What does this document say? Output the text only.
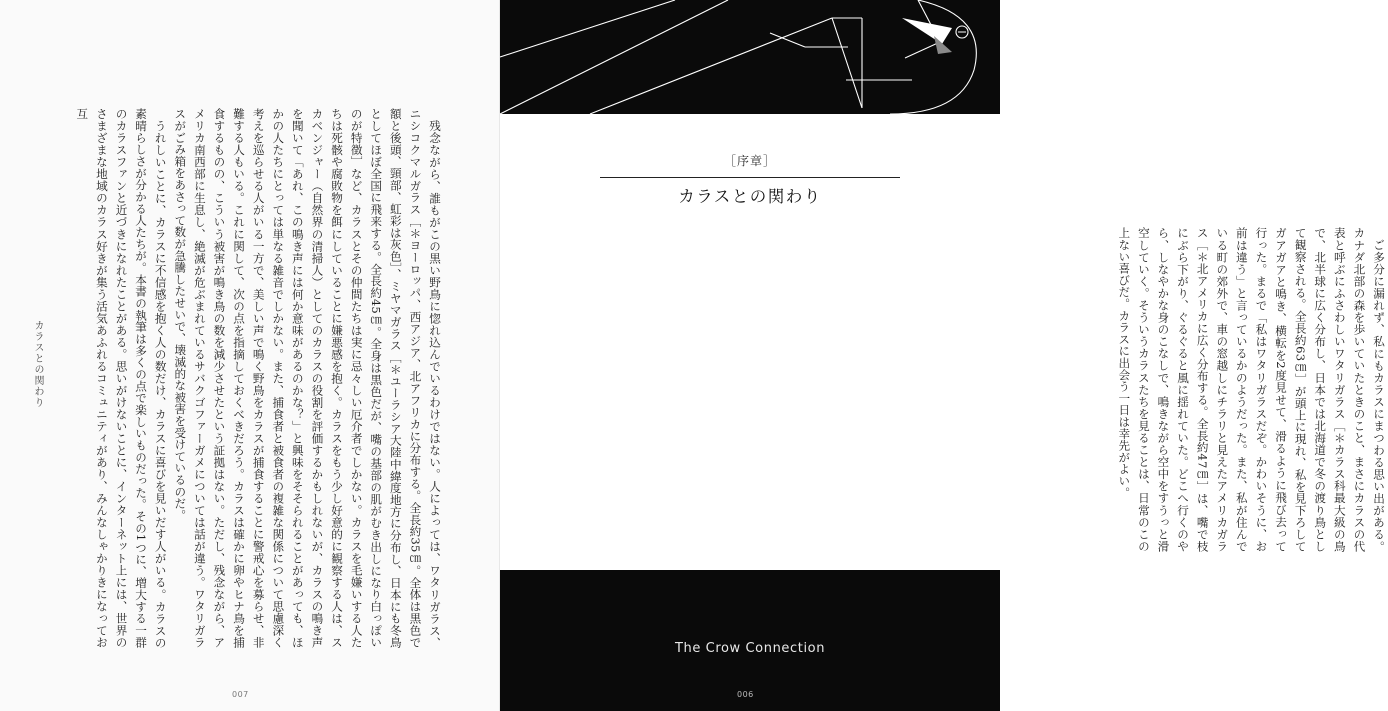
残念ながら、誰もがこの黒い野鳥に惚れ込んでいるわけではない。人によっては、ワタリガラス、ニシコクマルガラス［＊ヨーロッパ、西アジア、北アフリカに分布する。全長約35㎝。全体は黒色で額と後頭、頸部、虹彩は灰色］、ミヤマガラス［＊ユーラシア大陸中緯度地方に分布し、日本にも冬鳥としてほぼ全国に飛来する。全長約45㎝。全身は黒色だが、嘴の基部の肌がむき出しになり白っぽいのが特徴］など、カラスとその仲間たちは実に忌々しい厄介者でしかない。カラスを毛嫌いする人たちは死骸や腐敗物を餌にしていることに嫌悪感を抱く。カラスをもう少し好意的に観察する人は、スカベンジャー（自然界の清掃人）としてのカラスの役割を評価するかもしれないが、カラスの鳴き声を聞いて「あれ、この鳴き声には何か意味があるのかな？」と興味をそそられることがあっても、ほかの人たちにとっては単なる雑音でしかない。また、捕食者と被食者の複雑な関係について思慮深く考えを巡らせる人がいる一方で、美しい声で鳴く野鳥をカラスが捕食することに警戒心を募らせ、非難する人もいる。これに関して、次の点を指摘しておくべきだろう。カラスは確かに卵やヒナ鳥を捕食するものの、こういう被害が鳴き鳥の数を減少させたという証拠はない。ただし、残念ながら、アメリカ南西部に生息し、絶滅が危ぶまれているサバクゴファーガメについては話が違う。ワタリガラスがごみ箱をあさって数が急騰したせいで、壊滅的な被害を受けているのだ。
うれしいことに、カラスに不信感を抱く人の数だけ、カラスに喜びを見いだす人がいる。カラスの素晴らしさが分かる人たちが。本書の執筆は多くの点で楽しいものだった。その1つに、増大する一群のカラスファンと近づきになれたことがある。思いがけないことに、インターネット上には、世界のさまざまな地域のカラス好きが集う活気あふれるコミュニティがあり、みんなしゃかりきになってお互
カラスとの関わり
007
［序章］
カラスとの関わり
ご多分に漏れず、私にもカラスにまつわる思い出がある。カナダ北部の森を歩いていたときのこと、まさにカラスの代表と呼ぶにふさわしいワタリガラス［＊カラス科最大級の鳥で、北半球に広く分布し、日本では北海道で冬の渡り鳥として観察される。全長約63㎝］が頭上に現れ、私を見下ろしてガアガアと鳴き、横転を2度見せて、滑るように飛び去って行った。まるで「私はワタリガラスだぞ。かわいそうに、お前は違う」と言っているかのようだった。また、私が住んでいる町の郊外で、車の窓越しにチラリと見えたアメリカガラス［＊北アメリカに広く分布する。全長約47㎝］は、嘴で枝にぶら下がり、ぐるぐると風に揺れていた。どこへ行くのやら、しなやかな身のこなしで、鳴きながら空中をすうっと滑空していく。そういうカラスたちを見ることは、日常のこの上ない喜びだ。カラスに出会う一日は幸先がよい。
The Crow Connection
006
